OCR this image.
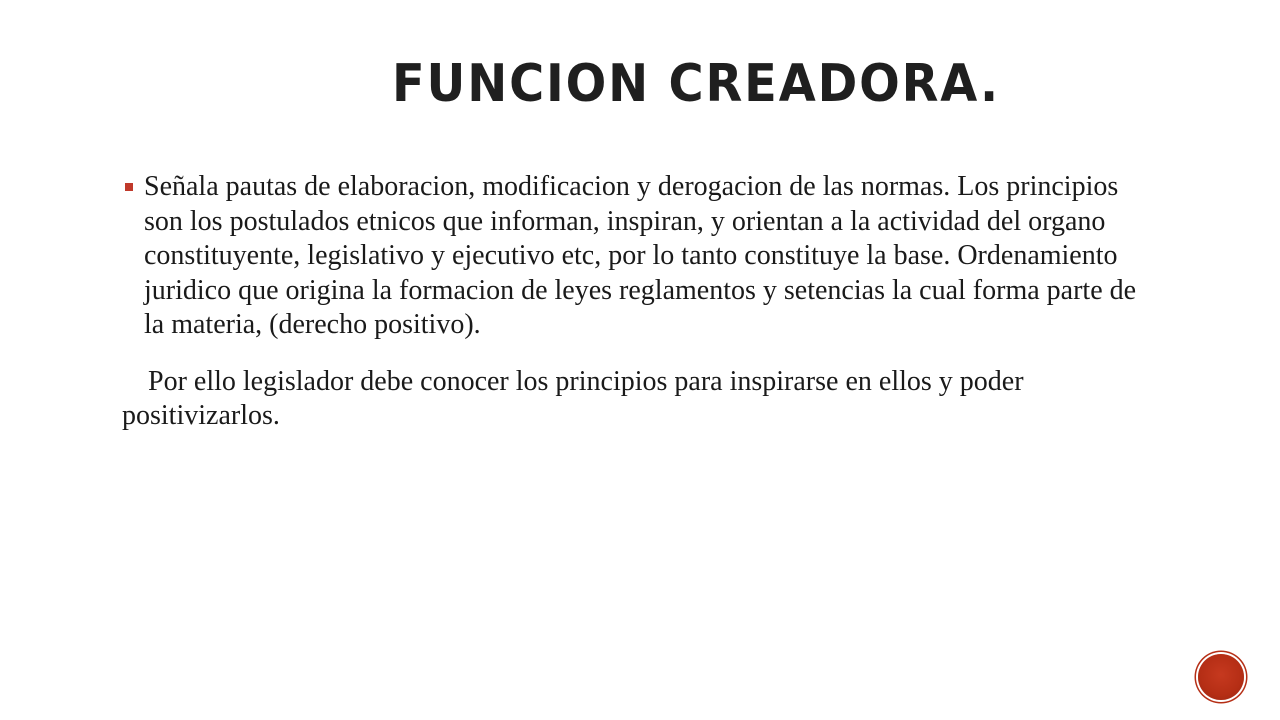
FUNCION CREADORA.
Señala pautas de elaboracion, modificacion y derogacion de las normas. Los principios son los postulados etnicos que informan, inspiran, y orientan a la actividad del organo constituyente, legislativo y ejecutivo etc, por lo tanto constituye la base. Ordenamiento juridico que origina la formacion de leyes reglamentos y setencias la cual forma parte de la materia, (derecho positivo).
Por ello legislador debe conocer los principios para inspirarse en ellos y poder positivizarlos.
